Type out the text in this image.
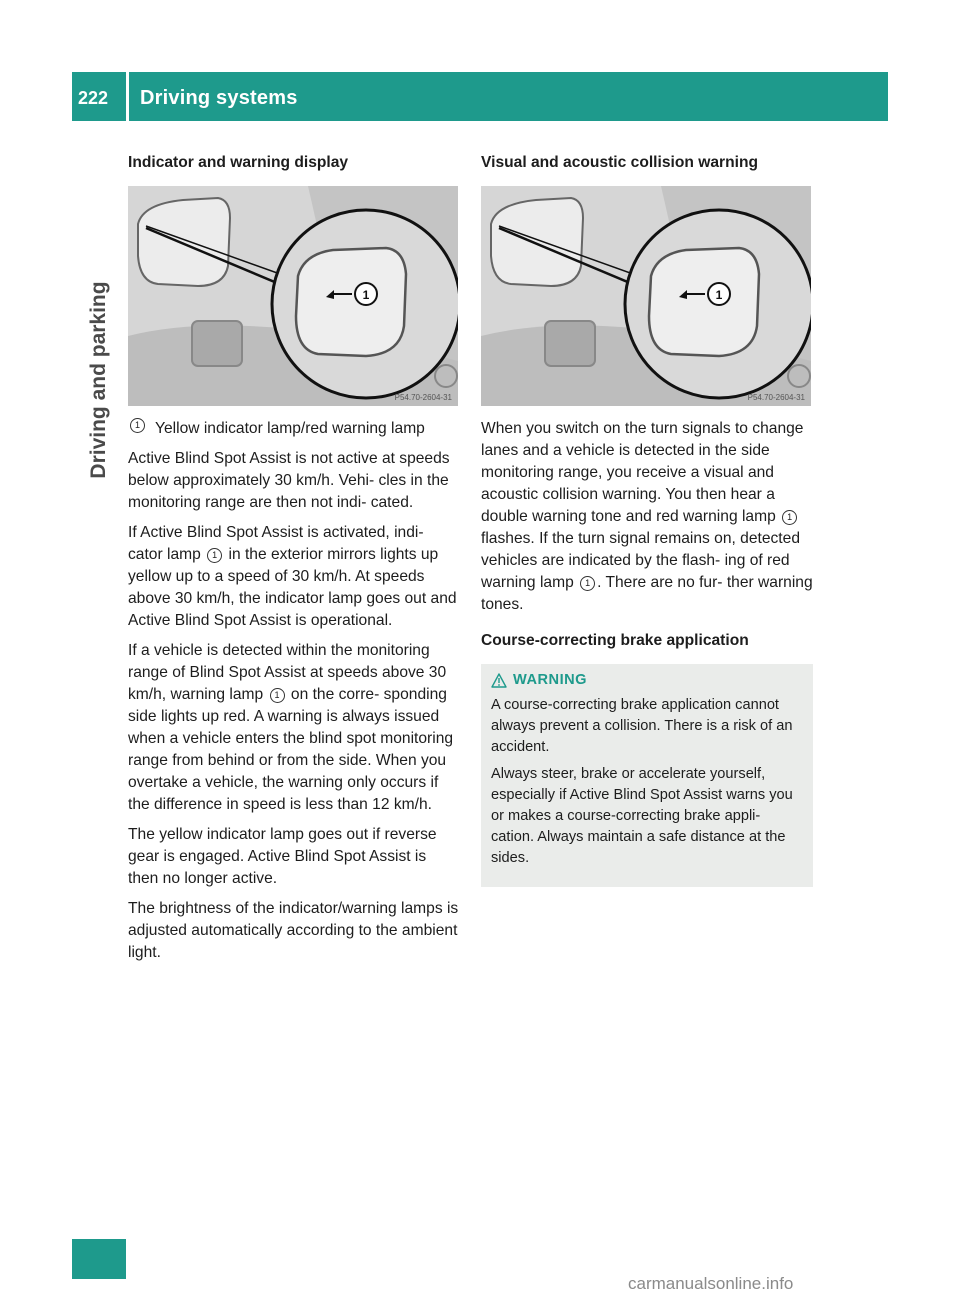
222	Driving systems
Driving and parking
Indicator and warning display
1
P54.70-2604-31
1 Yellow indicator lamp/red warning lamp

Active Blind Spot Assist is not active at speeds below approximately 30 km/h. Vehi- cles in the monitoring range are then not indi- cated.

If Active Blind Spot Assist is activated, indi- cator lamp 1 in the exterior mirrors lights up yellow up to a speed of 30 km/h. At speeds above 30 km/h, the indicator lamp goes out and Active Blind Spot Assist is operational.

If a vehicle is detected within the monitoring range of Blind Spot Assist at speeds above 30 km/h, warning lamp 1 on the corre- sponding side lights up red. A warning is always issued when a vehicle enters the blind spot monitoring range from behind or from the side. When you overtake a vehicle, the warning only occurs if the difference in speed is less than 12 km/h.

The yellow indicator lamp goes out if reverse gear is engaged. Active Blind Spot Assist is then no longer active.

The brightness of the indicator/warning lamps is adjusted automatically according to the ambient light.

Visual and acoustic collision warning
1
P54.70-2604-31

When you switch on the turn signals to change lanes and a vehicle is detected in the side monitoring range, you receive a visual and acoustic collision warning. You then hear a double warning tone and red warning lamp 1 flashes. If the turn signal remains on, detected vehicles are indicated by the flash- ing of red warning lamp 1 . There are no fur- ther warning tones.

Course-correcting brake application
WARNING

A course-correcting brake application cannot always prevent a collision. There is a risk of an accident.

Always steer, brake or accelerate yourself, especially if Active Blind Spot Assist warns you or makes a course-correcting brake appli- cation. Always maintain a safe distance at the sides.

carmanualsonline.info
